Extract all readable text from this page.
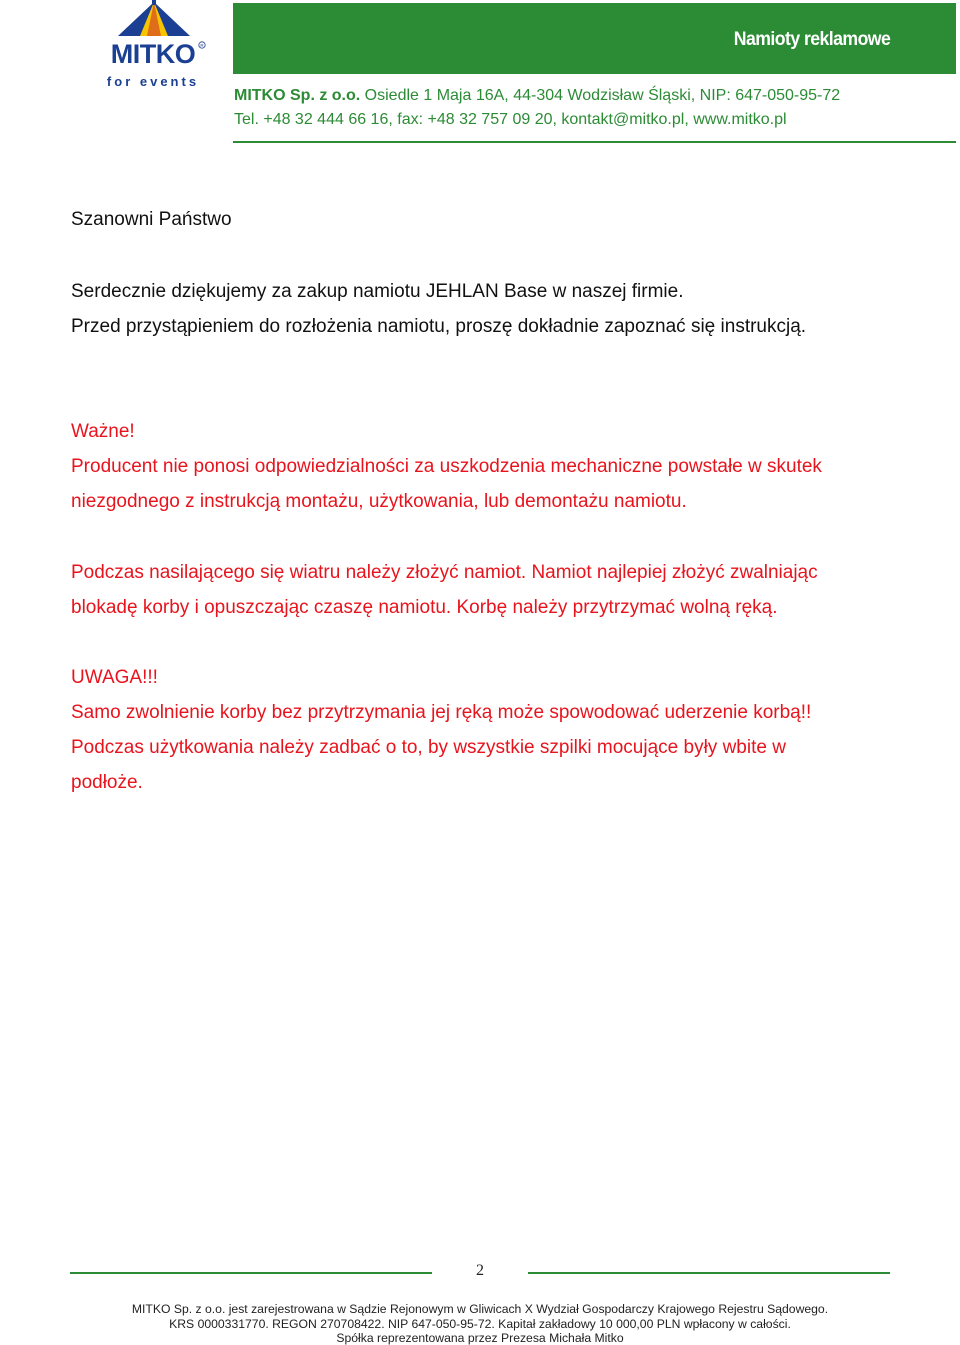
MITKO R
for events
Namioty reklamowe
MITKO Sp. z o.o. Osiedle 1 Maja 16A, 44-304 Wodzisław Śląski, NIP: 647-050-95-72
Tel. +48 32 444 66 16, fax: +48 32 757 09 20, kontakt@mitko.pl, www.mitko.pl
Szanowni Państwo
Serdecznie dziękujemy za zakup namiotu JEHLAN Base w naszej firmie.
Przed przystąpieniem do rozłożenia namiotu, proszę dokładnie zapoznać się instrukcją.
Ważne!
Producent nie ponosi odpowiedzialności za uszkodzenia mechaniczne powstałe w skutek
niezgodnego z instrukcją montażu, użytkowania, lub demontażu namiotu.
Podczas nasilającego się wiatru należy złożyć namiot. Namiot najlepiej złożyć zwalniając
blokadę korby i opuszczając czaszę namiotu. Korbę należy przytrzymać wolną ręką.
UWAGA!!!
Samo zwolnienie korby bez przytrzymania jej ręką może spowodować uderzenie korbą!!
Podczas użytkowania należy zadbać o to, by wszystkie szpilki mocujące były wbite w
podłoże.
2
MITKO Sp. z o.o. jest zarejestrowana w Sądzie Rejonowym w Gliwicach X Wydział Gospodarczy Krajowego Rejestru Sądowego.
KRS 0000331770. REGON 270708422. NIP 647-050-95-72. Kapitał zakładowy 10 000,00 PLN wpłacony w całości.
Spółka reprezentowana przez Prezesa Michała Mitko
